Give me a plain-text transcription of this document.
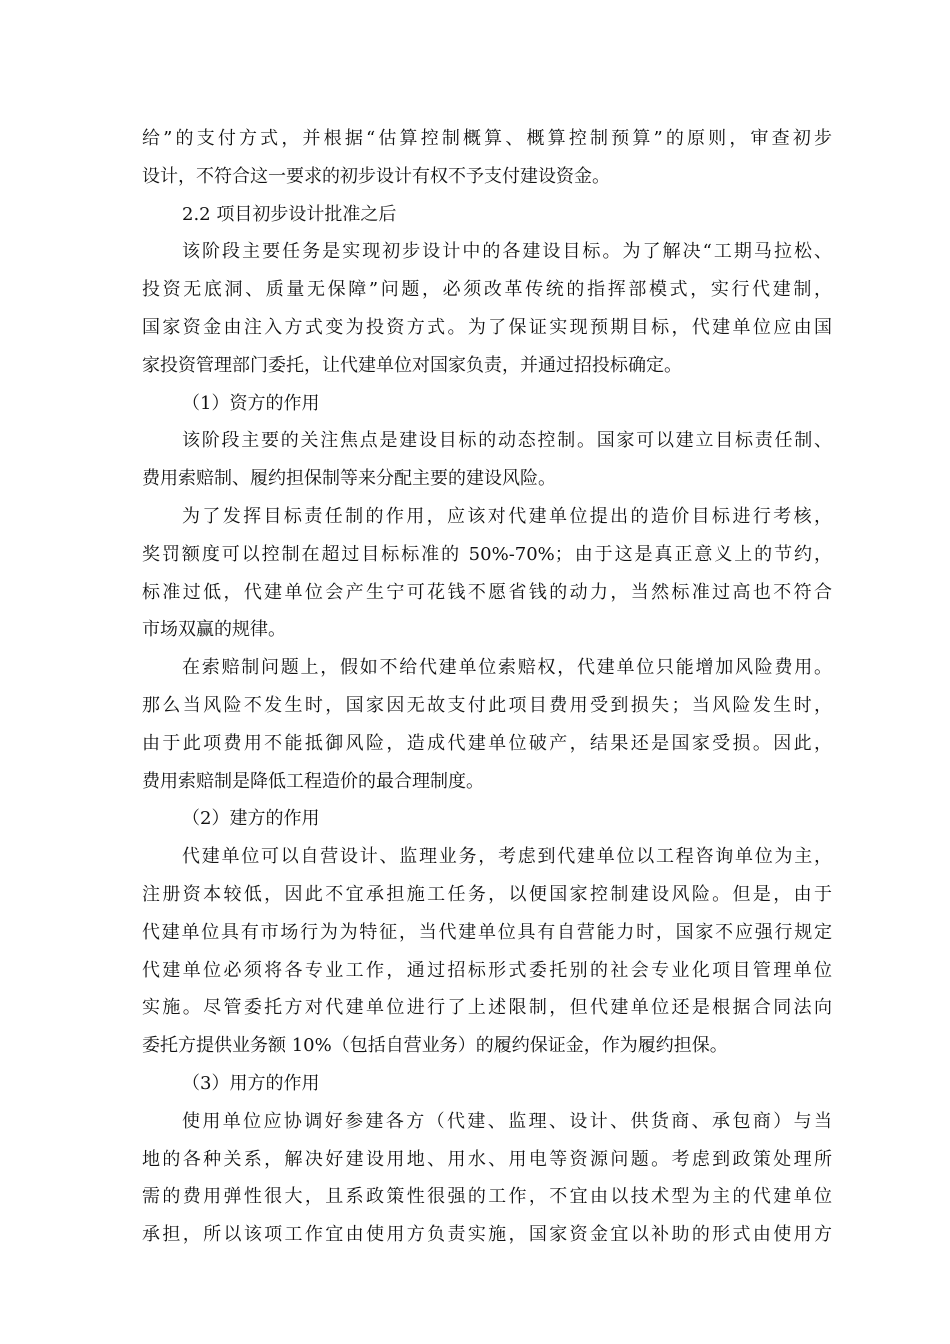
给”的支付方式，并根据“估算控制概算、概算控制预算”的原则，审查初步
设计，不符合这一要求的初步设计有权不予支付建设资金。
2.2 项目初步设计批准之后
该阶段主要任务是实现初步设计中的各建设目标。为了解决“工期马拉松、
投资无底洞、质量无保障”问题，必须改革传统的指挥部模式，实行代建制，
国家资金由注入方式变为投资方式。为了保证实现预期目标，代建单位应由国
家投资管理部门委托，让代建单位对国家负责，并通过招投标确定。
（1）资方的作用
该阶段主要的关注焦点是建设目标的动态控制。国家可以建立目标责任制、
费用索赔制、履约担保制等来分配主要的建设风险。
为了发挥目标责任制的作用，应该对代建单位提出的造价目标进行考核，
奖罚额度可以控制在超过目标标准的 50%-70%；由于这是真正意义上的节约，
标准过低，代建单位会产生宁可花钱不愿省钱的动力，当然标准过高也不符合
市场双赢的规律。
在索赔制问题上，假如不给代建单位索赔权，代建单位只能增加风险费用。
那么当风险不发生时，国家因无故支付此项目费用受到损失；当风险发生时，
由于此项费用不能抵御风险，造成代建单位破产，结果还是国家受损。因此，
费用索赔制是降低工程造价的最合理制度。
（2）建方的作用
代建单位可以自营设计、监理业务，考虑到代建单位以工程咨询单位为主，
注册资本较低，因此不宜承担施工任务，以便国家控制建设风险。但是，由于
代建单位具有市场行为为特征，当代建单位具有自营能力时，国家不应强行规定
代建单位必须将各专业工作，通过招标形式委托别的社会专业化项目管理单位
实施。尽管委托方对代建单位进行了上述限制，但代建单位还是根据合同法向
委托方提供业务额 10%（包括自营业务）的履约保证金，作为履约担保。
（3）用方的作用
使用单位应协调好参建各方（代建、监理、设计、供货商、承包商）与当
地的各种关系，解决好建设用地、用水、用电等资源问题。考虑到政策处理所
需的费用弹性很大，且系政策性很强的工作，不宜由以技术型为主的代建单位
承担，所以该项工作宜由使用方负责实施，国家资金宜以补助的形式由使用方
